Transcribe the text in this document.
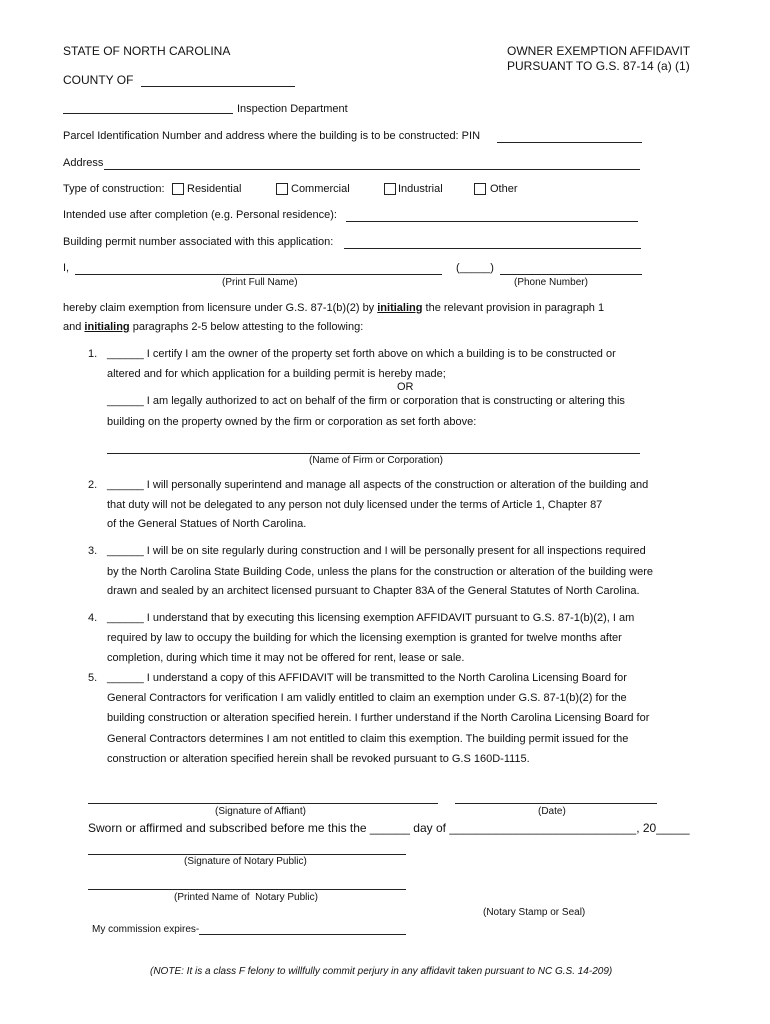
STATE OF NORTH CAROLINA	OWNER EXEMPTION AFFIDAVIT
PURSUANT TO G.S. 87-14 (a) (1)
COUNTY OF
Inspection Department
Parcel Identification Number and address where the building is to be constructed: PIN
Address
Type of construction: Residential	Commercial	Industrial	Other
Intended use after completion (e.g. Personal residence):
Building permit number associated with this application:
I,	(_____)
(Print Full Name)	(Phone Number)
hereby claim exemption from licensure under G.S. 87-1(b)(2) by initialing the relevant provision in paragraph 1
and initialing paragraphs 2-5 below attesting to the following:
1. ______ I certify I am the owner of the property set forth above on which a building is to be constructed or
altered and for which application for a building permit is hereby made;
OR
______ I am legally authorized to act on behalf of the firm or corporation that is constructing or altering this
building on the property owned by the firm or corporation as set forth above:
(Name of Firm or Corporation)
2. ______ I will personally superintend and manage all aspects of the construction or alteration of the building and
that duty will not be delegated to any person not duly licensed under the terms of Article 1, Chapter 87
of the General Statues of North Carolina.
3. ______ I will be on site regularly during construction and I will be personally present for all inspections required
by the North Carolina State Building Code, unless the plans for the construction or alteration of the building were
drawn and sealed by an architect licensed pursuant to Chapter 83A of the General Statutes of North Carolina.
4. ______ I understand that by executing this licensing exemption AFFIDAVIT pursuant to G.S. 87-1(b)(2), I am
required by law to occupy the building for which the licensing exemption is granted for twelve months after
completion, during which time it may not be offered for rent, lease or sale.
5. ______ I understand a copy of this AFFIDAVIT will be transmitted to the North Carolina Licensing Board for
General Contractors for verification I am validly entitled to claim an exemption under G.S. 87-1(b)(2) for the
building construction or alteration specified herein. I further understand if the North Carolina Licensing Board for
General Contractors determines I am not entitled to claim this exemption. The building permit issued for the
construction or alteration specified herein shall be revoked pursuant to G.S 160D-1115.
(Signature of Affiant)	(Date)
Sworn or affirmed and subscribed before me this the ______ day of ____________________________, 20_____
(Signature of Notary Public)
(Printed Name of  Notary Public)
(Notary Stamp or Seal)
My commission expires-
(NOTE: It is a class F felony to willfully commit perjury in any affidavit taken pursuant to NC G.S. 14-209)
